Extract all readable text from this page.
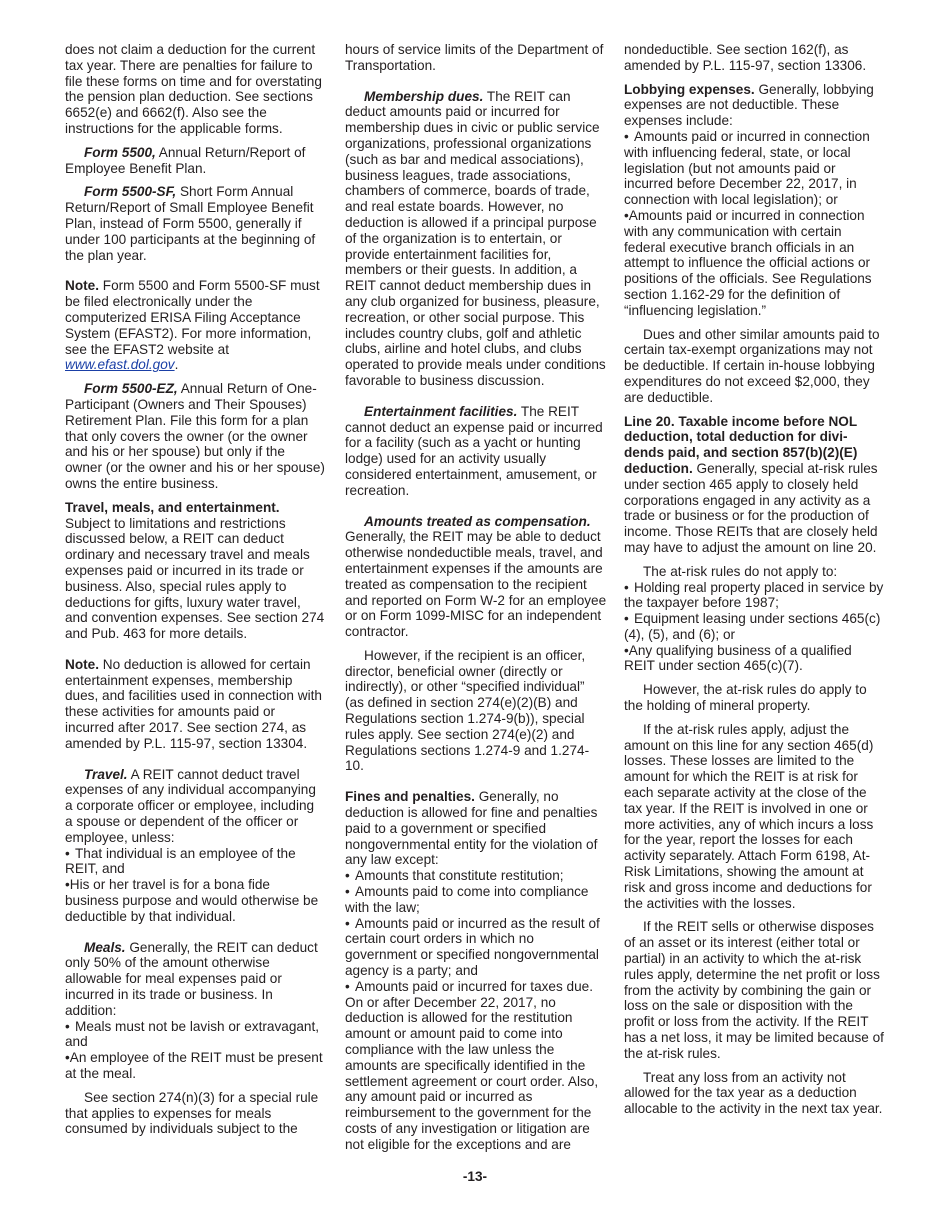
does not claim a deduction for the current tax year. There are penalties for failure to file these forms on time and for overstating the pension plan deduction. See sections 6652(e) and 6662(f). Also see the instructions for the applicable forms.

Form 5500, Annual Return/Report of Employee Benefit Plan.

Form 5500-SF, Short Form Annual Return/Report of Small Employee Benefit Plan, instead of Form 5500, generally if under 100 participants at the beginning of the plan year.

Note. Form 5500 and Form 5500-SF must be filed electronically under the computerized ERISA Filing Acceptance System (EFAST2). For more information, see the EFAST2 website at www.efast.dol.gov.

Form 5500-EZ, Annual Return of One-Participant (Owners and Their Spouses) Retirement Plan. File this form for a plan that only covers the owner (or the owner and his or her spouse) but only if the owner (or the owner and his or her spouse) owns the entire business.

Travel, meals, and entertainment. Subject to limitations and restrictions discussed below, a REIT can deduct ordinary and necessary travel and meals expenses paid or incurred in its trade or business. Also, special rules apply to deductions for gifts, luxury water travel, and convention expenses. See section 274 and Pub. 463 for more details.

Note. No deduction is allowed for certain entertainment expenses, membership dues, and facilities used in connection with these activities for amounts paid or incurred after 2017. See section 274, as amended by P.L. 115-97, section 13304.

Travel. A REIT cannot deduct travel expenses of any individual accompanying a corporate officer or employee, including a spouse or dependent of the officer or employee, unless:

• That individual is an employee of the REIT, and

•His or her travel is for a bona fide business purpose and would otherwise be deductible by that individual.

Meals. Generally, the REIT can deduct only 50% of the amount otherwise allowable for meal expenses paid or incurred in its trade or business. In addition:

• Meals must not be lavish or extravagant, and

•An employee of the REIT must be present at the meal.

See section 274(n)(3) for a special rule that applies to expenses for meals consumed by individuals subject to the

hours of service limits of the Department of Transportation.

Membership dues. The REIT can deduct amounts paid or incurred for membership dues in civic or public service organizations, professional organizations (such as bar and medical associations), business leagues, trade associations, chambers of commerce, boards of trade, and real estate boards. However, no deduction is allowed if a principal purpose of the organization is to entertain, or provide entertainment facilities for, members or their guests. In addition, a REIT cannot deduct membership dues in any club organized for business, pleasure, recreation, or other social purpose. This includes country clubs, golf and athletic clubs, airline and hotel clubs, and clubs operated to provide meals under conditions favorable to business discussion.

Entertainment facilities. The REIT cannot deduct an expense paid or incurred for a facility (such as a yacht or hunting lodge) used for an activity usually considered entertainment, amusement, or recreation.

Amounts treated as compensation. Generally, the REIT may be able to deduct otherwise nondeductible meals, travel, and entertainment expenses if the amounts are treated as compensation to the recipient and reported on Form W-2 for an employee or on Form 1099-MISC for an independent contractor.

However, if the recipient is an officer, director, beneficial owner (directly or indirectly), or other “specified individual” (as defined in section 274(e)(2)(B) and Regulations section 1.274-9(b)), special rules apply. See section 274(e)(2) and Regulations sections 1.274-9 and 1.274-10.

Fines and penalties. Generally, no deduction is allowed for fine and penalties paid to a government or specified nongovernmental entity for the violation of any law except:

• Amounts that constitute restitution;

• Amounts paid to come into compliance with the law;

• Amounts paid or incurred as the result of certain court orders in which no government or specified nongovernmental agency is a party; and

• Amounts paid or incurred for taxes due.

On or after December 22, 2017, no deduction is allowed for the restitution amount or amount paid to come into compliance with the law unless the amounts are specifically identified in the settlement agreement or court order. Also, any amount paid or incurred as reimbursement to the government for the costs of any investigation or litigation are not eligible for the exceptions and are

nondeductible. See section 162(f), as amended by P.L. 115-97, section 13306.

Lobbying expenses. Generally, lobbying expenses are not deductible. These expenses include:

• Amounts paid or incurred in connection with influencing federal, state, or local legislation (but not amounts paid or incurred before December 22, 2017, in connection with local legislation); or

•Amounts paid or incurred in connection with any communication with certain federal executive branch officials in an attempt to influence the official actions or positions of the officials. See Regulations section 1.162-29 for the definition of “influencing legislation.”

Dues and other similar amounts paid to certain tax-exempt organizations may not be deductible. If certain in-house lobbying expenditures do not exceed $2,000, they are deductible.

Line 20. Taxable income before NOL deduction, total deduction for divi-dends paid, and section 857(b)(2)(E) deduction. Generally, special at-risk rules under section 465 apply to closely held corporations engaged in any activity as a trade or business or for the production of income. Those REITs that are closely held may have to adjust the amount on line 20.

The at-risk rules do not apply to:

• Holding real property placed in service by the taxpayer before 1987;

• Equipment leasing under sections 465(c)(4), (5), and (6); or

•Any qualifying business of a qualified REIT under section 465(c)(7).

However, the at-risk rules do apply to the holding of mineral property.

If the at-risk rules apply, adjust the amount on this line for any section 465(d) losses. These losses are limited to the amount for which the REIT is at risk for each separate activity at the close of the tax year. If the REIT is involved in one or more activities, any of which incurs a loss for the year, report the losses for each activity separately. Attach Form 6198, At-Risk Limitations, showing the amount at risk and gross income and deductions for the activities with the losses.

If the REIT sells or otherwise disposes of an asset or its interest (either total or partial) in an activity to which the at-risk rules apply, determine the net profit or loss from the activity by combining the gain or loss on the sale or disposition with the profit or loss from the activity. If the REIT has a net loss, it may be limited because of the at-risk rules.

Treat any loss from an activity not allowed for the tax year as a deduction allocable to the activity in the next tax year.

-13-
